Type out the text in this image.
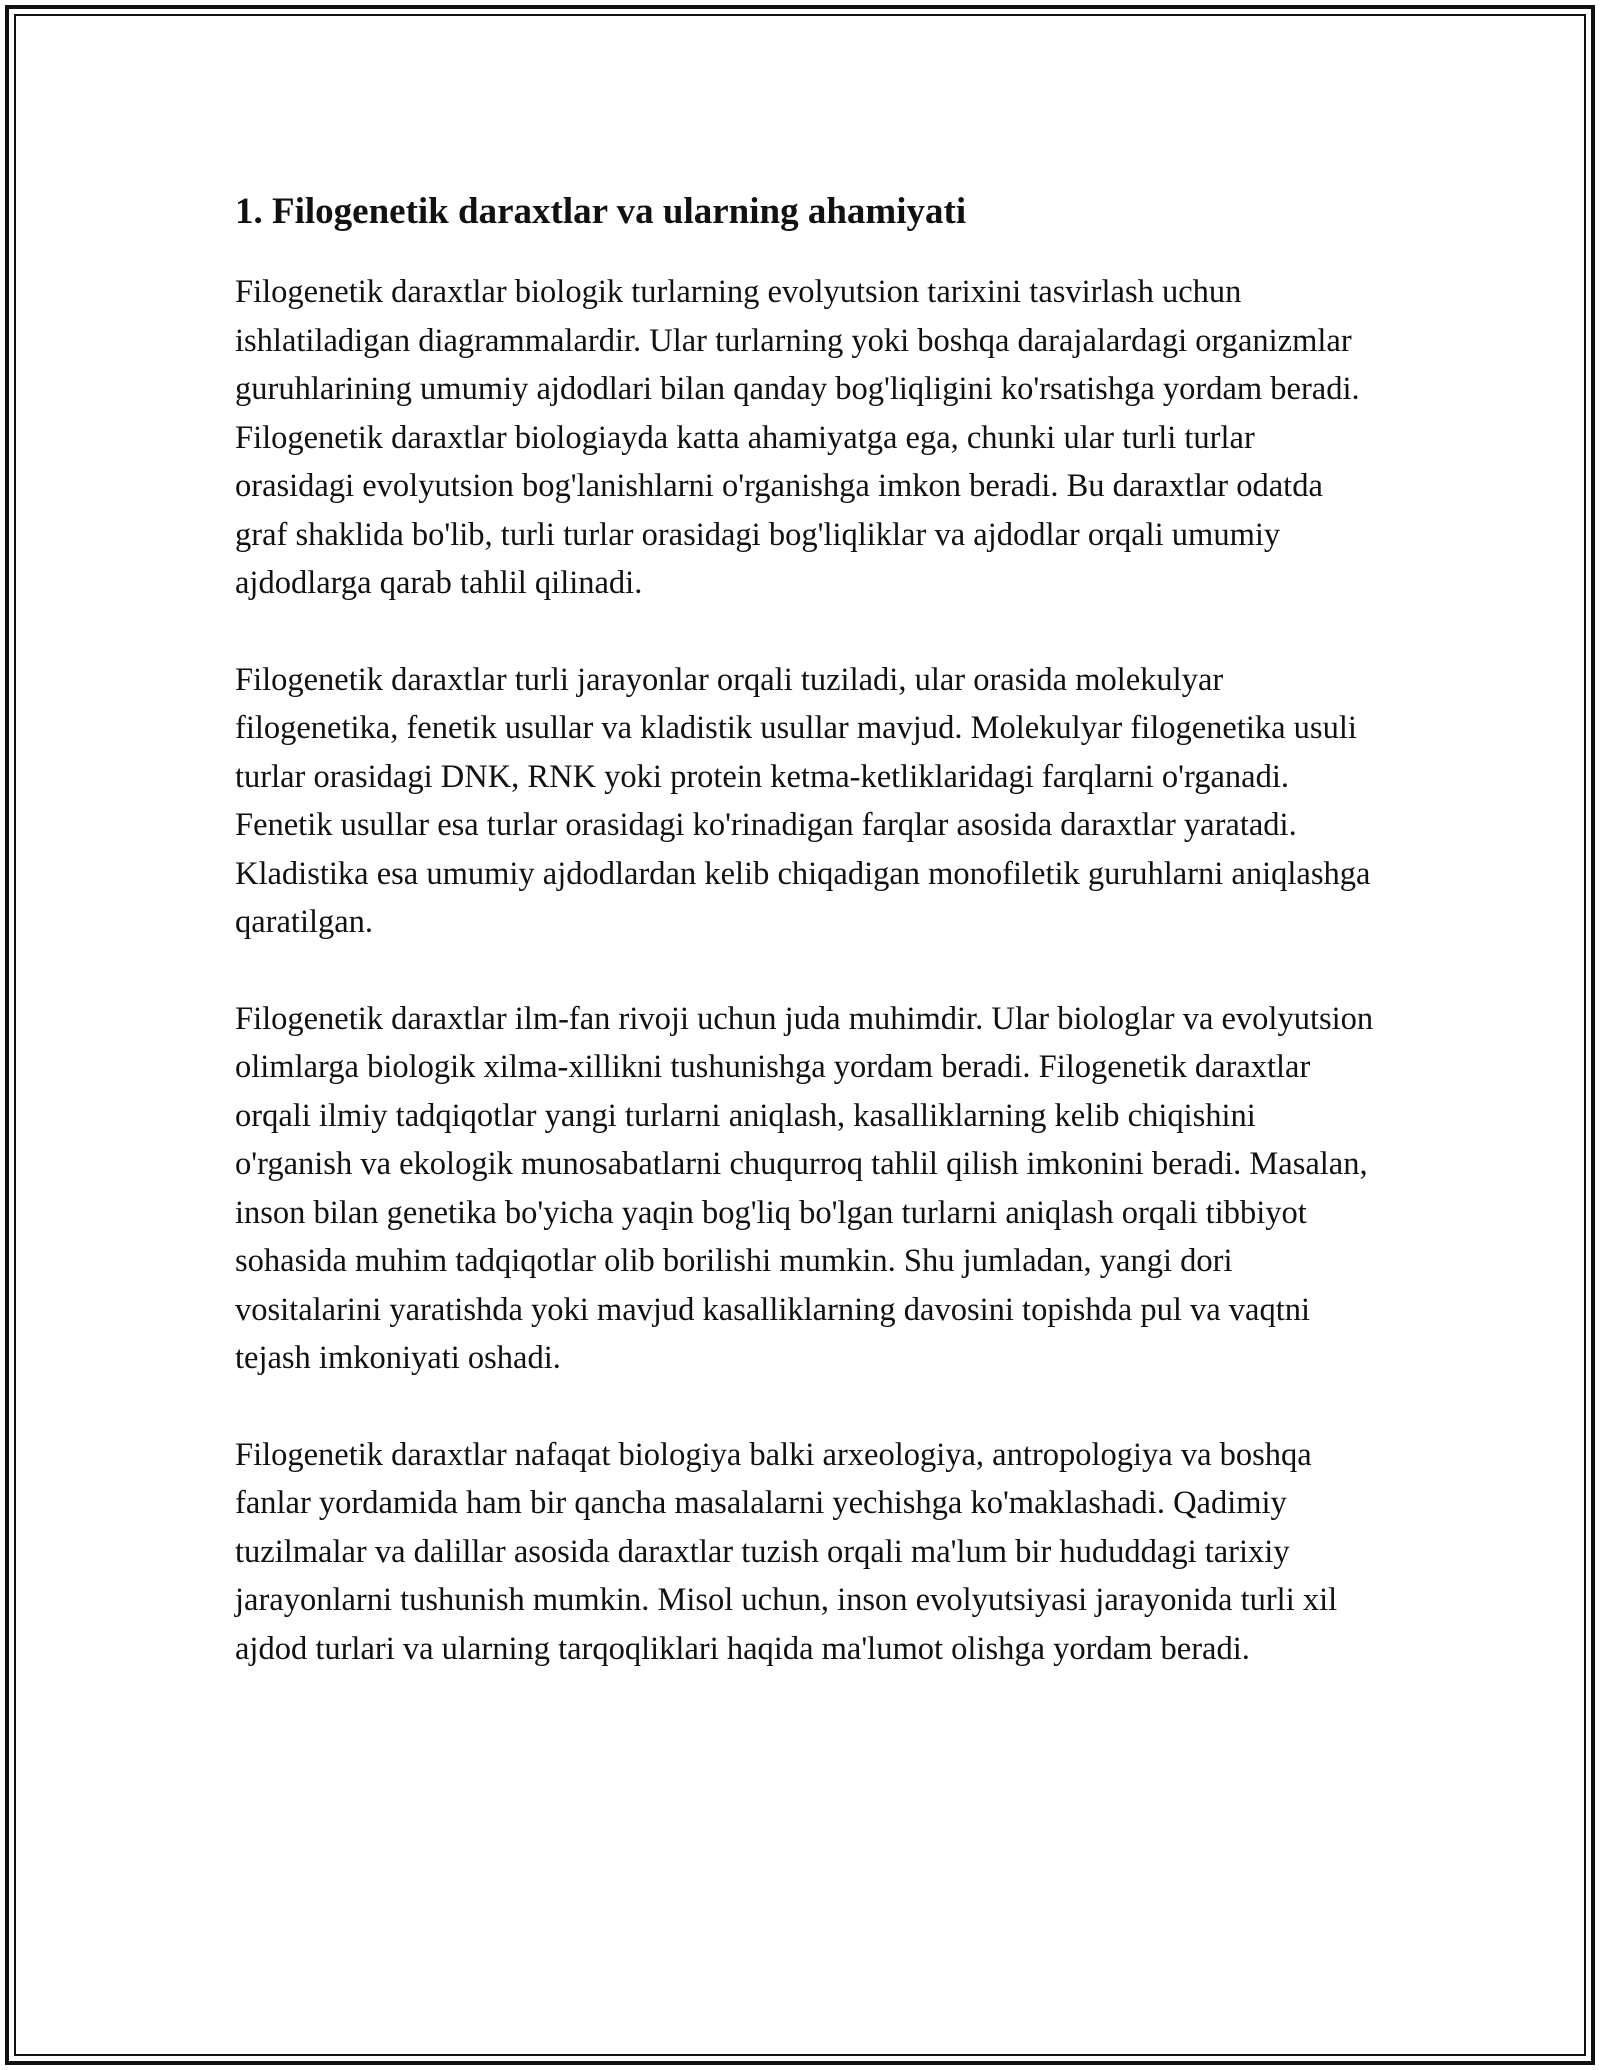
1. Filogenetik daraxtlar va ularning ahamiyati

Filogenetik daraxtlar biologik turlarning evolyutsion tarixini tasvirlash uchun ishlatiladigan diagrammalardir. Ular turlarning yoki boshqa darajalardagi organizmlar guruhlarining umumiy ajdodlari bilan qanday bog'liqligini ko'rsatishga yordam beradi. Filogenetik daraxtlar biologiayda katta ahamiyatga ega, chunki ular turli turlar orasidagi evolyutsion bog'lanishlarni o'rganishga imkon beradi. Bu daraxtlar odatda graf shaklida bo'lib, turli turlar orasidagi bog'liqliklar va ajdodlar orqali umumiy ajdodlarga qarab tahlil qilinadi.

Filogenetik daraxtlar turli jarayonlar orqali tuziladi, ular orasida molekulyar filogenetika, fenetik usullar va kladistik usullar mavjud. Molekulyar filogenetika usuli turlar orasidagi DNK, RNK yoki protein ketma-ketliklaridagi farqlarni o'rganadi. Fenetik usullar esa turlar orasidagi ko'rinadigan farqlar asosida daraxtlar yaratadi. Kladistika esa umumiy ajdodlardan kelib chiqadigan monofiletik guruhlarni aniqlashga qaratilgan.

Filogenetik daraxtlar ilm-fan rivoji uchun juda muhimdir. Ular biologlar va evolyutsion olimlarga biologik xilma-xillikni tushunishga yordam beradi. Filogenetik daraxtlar orqali ilmiy tadqiqotlar yangi turlarni aniqlash, kasalliklarning kelib chiqishini o'rganish va ekologik munosabatlarni chuqurroq tahlil qilish imkonini beradi. Masalan, inson bilan genetika bo'yicha yaqin bog'liq bo'lgan turlarni aniqlash orqali tibbiyot sohasida muhim tadqiqotlar olib borilishi mumkin. Shu jumladan, yangi dori vositalarini yaratishda yoki mavjud kasalliklarning davosini topishda pul va vaqtni tejash imkoniyati oshadi.

Filogenetik daraxtlar nafaqat biologiya balki arxeologiya, antropologiya va boshqa fanlar yordamida ham bir qancha masalalarni yechishga ko'maklashadi. Qadimiy tuzilmalar va dalillar asosida daraxtlar tuzish orqali ma'lum bir hududdagi tarixiy jarayonlarni tushunish mumkin. Misol uchun, inson evolyutsiyasi jarayonida turli xil ajdod turlari va ularning tarqoqliklari haqida ma'lumot olishga yordam beradi.
